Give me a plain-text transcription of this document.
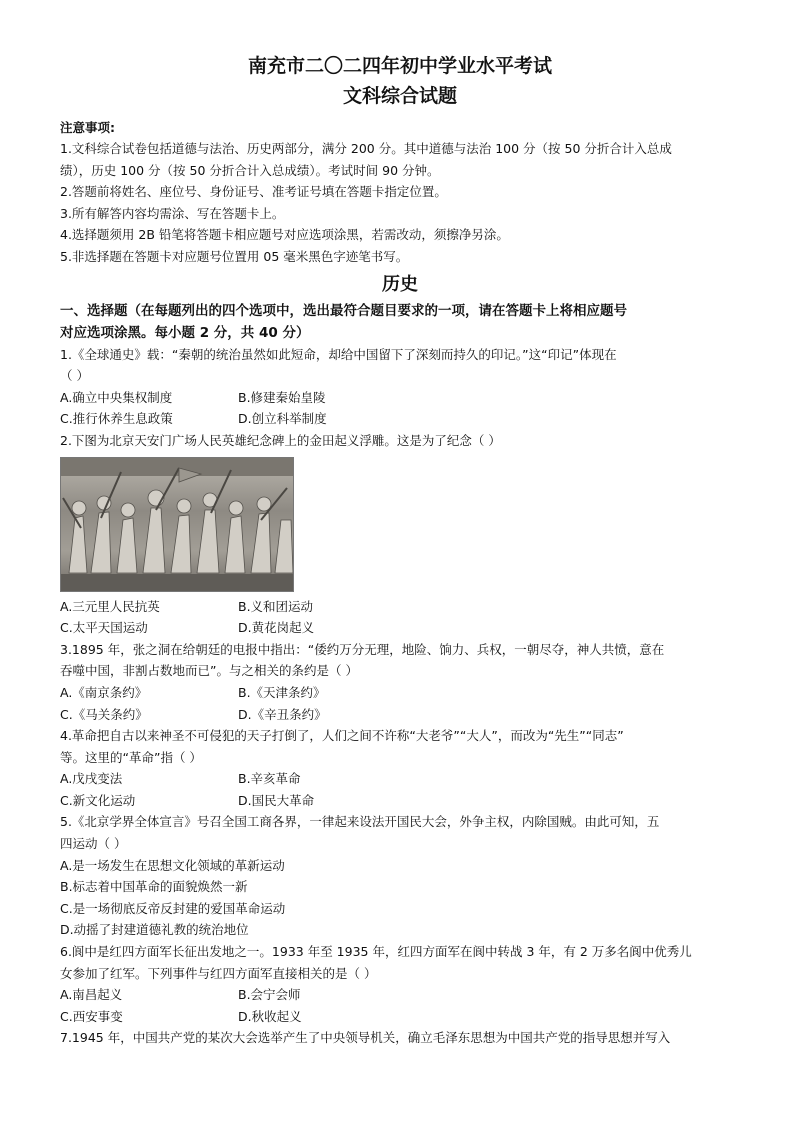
南充市二〇二四年初中学业水平考试
文科综合试题
注意事项:
1.文科综合试卷包括道德与法治、历史两部分，满分 200 分。其中道德与法治 100 分（按 50 分折合计入总成
绩），历史 100 分（按 50 分折合计入总成绩）。考试时间 90 分钟。
2.答题前将姓名、座位号、身份证号、准考证号填在答题卡指定位置。
3.所有解答内容均需涂、写在答题卡上。
4.选择题须用 2B 铅笔将答题卡相应题号对应选项涂黑，若需改动，须擦净另涂。
5.非选择题在答题卡对应题号位置用 05 毫米黑色字迹笔书写。
历史
一、选择题（在每题列出的四个选项中，选出最符合题目要求的一项，请在答题卡上将相应题号
对应选项涂黑。每小题 2 分，共 40 分）
1.《全球通史》载：“秦朝的统治虽然如此短命，却给中国留下了深刻而持久的印记。”这“印记”体现在
（ ）
A.确立中央集权制度	B.修建秦始皇陵
C.推行休养生息政策	D.创立科举制度
2.下图为北京天安门广场人民英雄纪念碑上的金田起义浮雕。这是为了纪念（ ）
A.三元里人民抗英	B.义和团运动
C.太平天国运动	D.黄花岗起义
3.1895 年，张之洞在给朝廷的电报中指出：“倭约万分无理，地险、饷力、兵权，一朝尽夺，神人共愤，意在
吞噬中国，非割占数地而已”。与之相关的条约是（ ）
A.《南京条约》	B.《天津条约》
C.《马关条约》	D.《辛丑条约》
4.革命把自古以来神圣不可侵犯的天子打倒了，人们之间不许称“大老爷”“大人”，而改为“先生”“同志”
等。这里的“革命”指（ ）
A.戊戌变法	B.辛亥革命
C.新文化运动	D.国民大革命
5.《北京学界全体宣言》号召全国工商各界，一律起来设法开国民大会，外争主权，内除国贼。由此可知，五
四运动（ ）
A.是一场发生在思想文化领域的革新运动
B.标志着中国革命的面貌焕然一新
C.是一场彻底反帝反封建的爱国革命运动
D.动摇了封建道德礼教的统治地位
6.阆中是红四方面军长征出发地之一。1933 年至 1935 年，红四方面军在阆中转战 3 年，有 2 万多名阆中优秀儿
女参加了红军。下列事件与红四方面军直接相关的是（ ）
A.南昌起义	B.会宁会师
C.西安事变	D.秋收起义
7.1945 年，中国共产党的某次大会选举产生了中央领导机关，确立毛泽东思想为中国共产党的指导思想并写入
